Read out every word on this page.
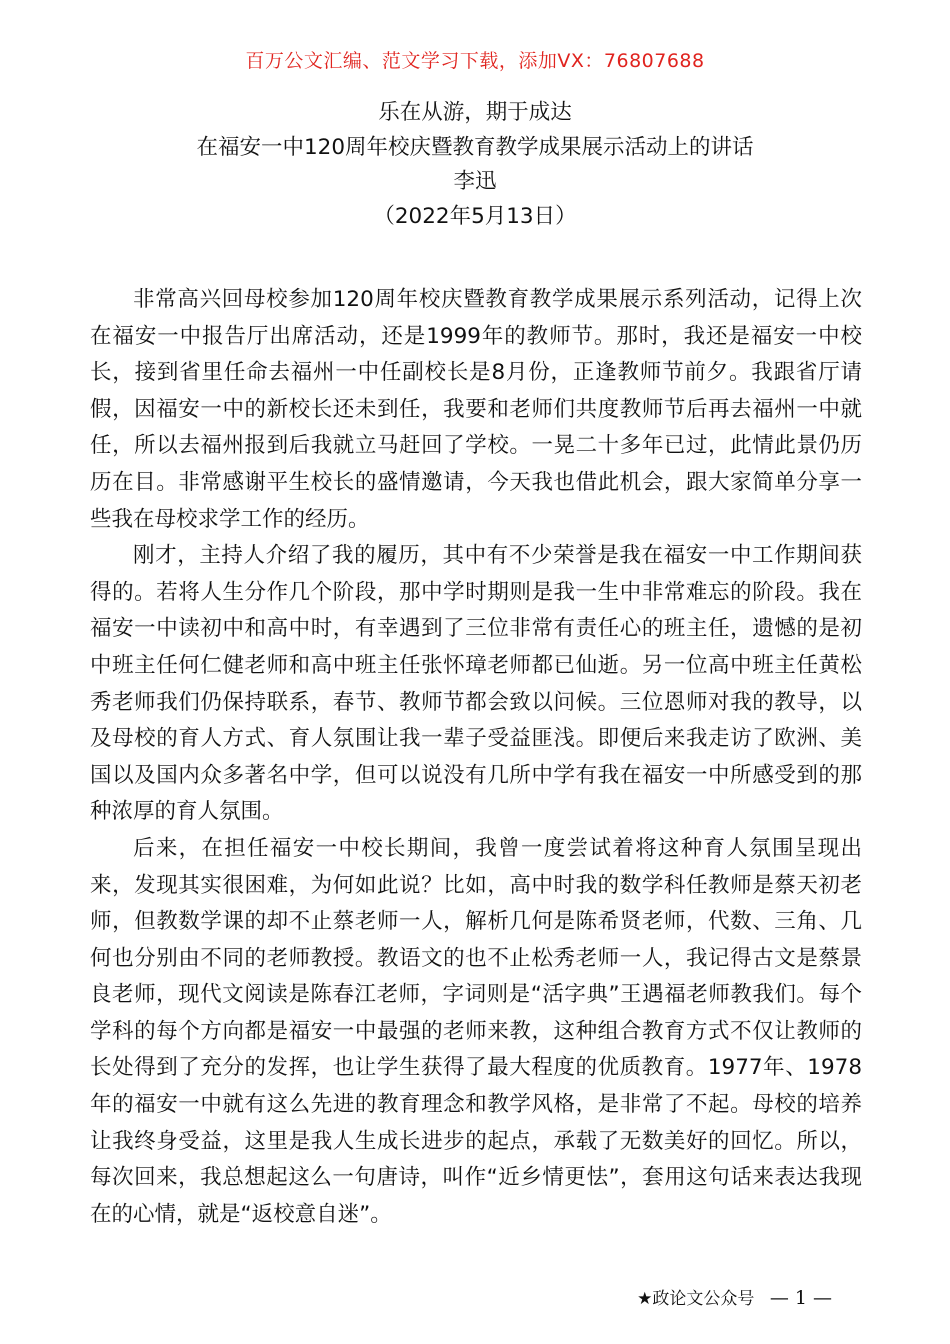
百万公文汇编、范文学习下载，添加VX：76807688
乐在从游，期于成达
在福安一中120周年校庆暨教育教学成果展示活动上的讲话
李迅
（2022年5月13日）

非常高兴回母校参加120周年校庆暨教育教学成果展示系列活动，记得上次在福安一中报告厅出席活动，还是1999年的教师节。那时，我还是福安一中校长，接到省里任命去福州一中任副校长是8月份，正逢教师节前夕。我跟省厅请假，因福安一中的新校长还未到任，我要和老师们共度教师节后再去福州一中就任，所以去福州报到后我就立马赶回了学校。一晃二十多年已过，此情此景仍历历在目。非常感谢平生校长的盛情邀请，今天我也借此机会，跟大家简单分享一些我在母校求学工作的经历。

刚才，主持人介绍了我的履历，其中有不少荣誉是我在福安一中工作期间获得的。若将人生分作几个阶段，那中学时期则是我一生中非常难忘的阶段。我在福安一中读初中和高中时，有幸遇到了三位非常有责任心的班主任，遗憾的是初中班主任何仁健老师和高中班主任张怀璋老师都已仙逝。另一位高中班主任黄松秀老师我们仍保持联系，春节、教师节都会致以问候。三位恩师对我的教导，以及母校的育人方式、育人氛围让我一辈子受益匪浅。即便后来我走访了欧洲、美国以及国内众多著名中学，但可以说没有几所中学有我在福安一中所感受到的那种浓厚的育人氛围。

后来，在担任福安一中校长期间，我曾一度尝试着将这种育人氛围呈现出来，发现其实很困难，为何如此说？比如，高中时我的数学科任教师是蔡天初老师，但教数学课的却不止蔡老师一人，解析几何是陈希贤老师，代数、三角、几何也分别由不同的老师教授。教语文的也不止松秀老师一人，我记得古文是蔡景良老师，现代文阅读是陈春江老师，字词则是“活字典”王遇福老师教我们。每个学科的每个方向都是福安一中最强的老师来教，这种组合教育方式不仅让教师的长处得到了充分的发挥，也让学生获得了最大程度的优质教育。1977年、1978年的福安一中就有这么先进的教育理念和教学风格，是非常了不起。母校的培养让我终身受益，这里是我人生成长进步的起点，承载了无数美好的回忆。所以，每次回来，我总想起这么一句唐诗，叫作“近乡情更怯”，套用这句话来表达我现在的心情，就是“返校意自迷”。

★政论文公众号 — 1 —
